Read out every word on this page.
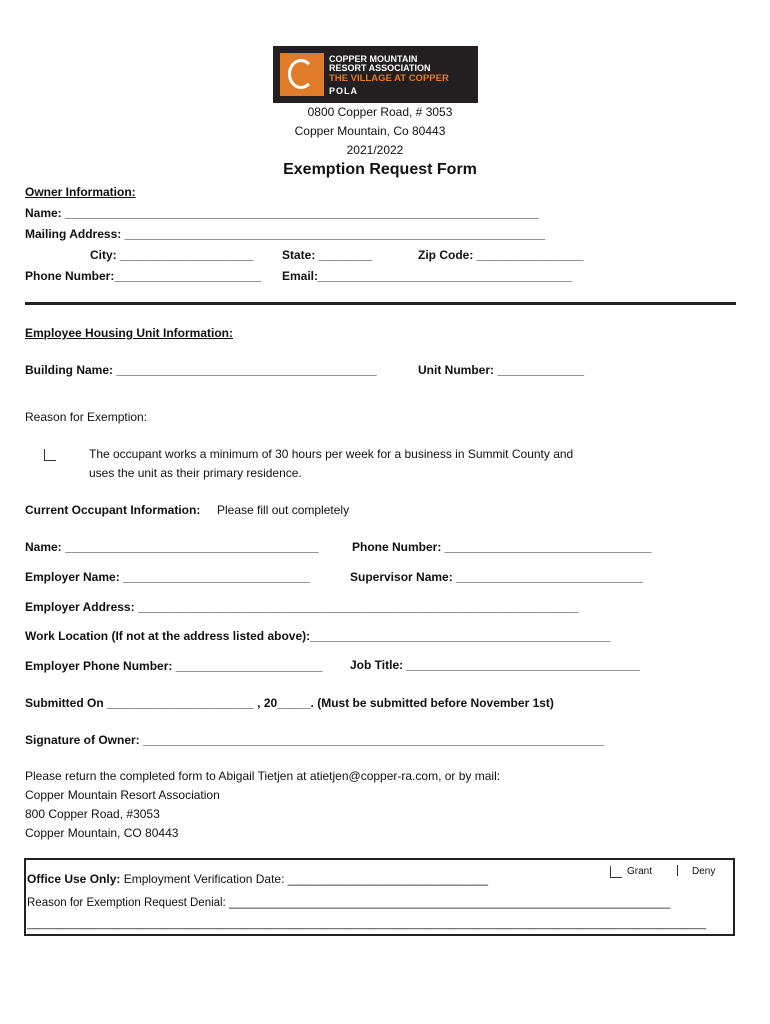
COPPER MOUNTAIN
RESORT ASSOCIATION
THE VILLAGE AT COPPER
POLA
0800 Copper Road, # 3053
Copper Mountain, Co 80443
2021/2022
Exemption Request Form
Owner Information:
Name: _______________________________________________________________________
Mailing Address: _______________________________________________________________
City: ____________________ State: ________	Zip Code: ________________
Phone Number:______________________ Email:______________________________________
Employee Housing Unit Information:
Building Name: _______________________________________	Unit Number: _____________
Reason for Exemption:
The occupant works a minimum of 30 hours per week for a business in Summit County and
uses the unit as their primary residence.
Current Occupant Information: Please fill out completely
Name: ______________________________________	Phone Number: _______________________________
Employer Name: ____________________________	Supervisor Name: ____________________________
Employer Address: __________________________________________________________________
Work Location (If not at the address listed above):_____________________________________________
Employer Phone Number: ______________________ Job Title: ___________________________________
Submitted On ______________________ , 20_____. (Must be submitted before November 1st)
Signature of Owner: _____________________________________________________________________
Please return the completed form to Abigail Tietjen at atietjen@copper-ra.com, or by mail:
Copper Mountain Resort Association
800 Copper Road, #3053
Copper Mountain, CO 80443
Office Use Only: Employment Verification Date: ______________________________
Grant	Deny
Reason for Exemption Request Denial: _____________________________________________________________________
_______________________________________________________________________________________________________________
